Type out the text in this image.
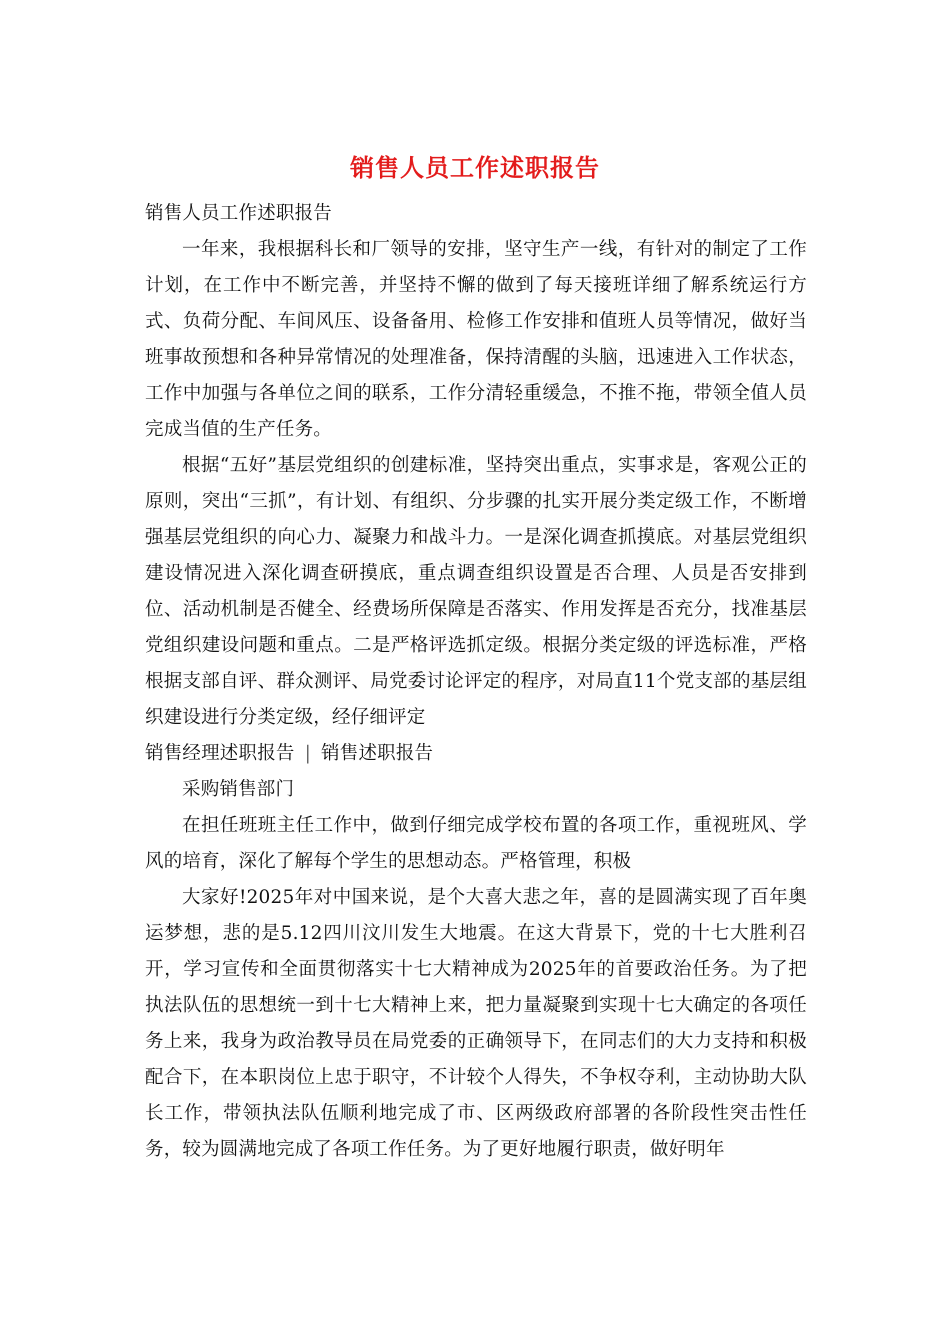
销售人员工作述职报告

销售人员工作述职报告

一年来，我根据科长和厂领导的安排，坚守生产一线，有针对的制定了工作计划，在工作中不断完善，并坚持不懈的做到了每天接班详细了解系统运行方式、负荷分配、车间风压、设备备用、检修工作安排和值班人员等情况，做好当班事故预想和各种异常情况的处理准备，保持清醒的头脑，迅速进入工作状态，工作中加强与各单位之间的联系，工作分清轻重缓急，不推不拖，带领全值人员完成当值的生产任务。

根据“五好”基层党组织的创建标准，坚持突出重点，实事求是，客观公正的原则，突出“三抓”，有计划、有组织、分步骤的扎实开展分类定级工作，不断增强基层党组织的向心力、凝聚力和战斗力。一是深化调查抓摸底。对基层党组织建设情况进入深化调查研摸底，重点调查组织设置是否合理、人员是否安排到位、活动机制是否健全、经费场所保障是否落实、作用发挥是否充分，找准基层党组织建设问题和重点。二是严格评选抓定级。根据分类定级的评选标准，严格根据支部自评、群众测评、局党委讨论评定的程序，对局直11个党支部的基层组织建设进行分类定级，经仔细评定

销售经理述职报告 | 销售述职报告

采购销售部门

在担任班班主任工作中，做到仔细完成学校布置的各项工作，重视班风、学风的培育，深化了解每个学生的思想动态。严格管理，积极

大家好!2025年对中国来说，是个大喜大悲之年，喜的是圆满实现了百年奥运梦想，悲的是5.12四川汶川发生大地震。在这大背景下，党的十七大胜利召开，学习宣传和全面贯彻落实十七大精神成为2025年的首要政治任务。为了把执法队伍的思想统一到十七大精神上来，把力量凝聚到实现十七大确定的各项任务上来，我身为政治教导员在局党委的正确领导下，在同志们的大力支持和积极配合下，在本职岗位上忠于职守，不计较个人得失，不争权夺利，主动协助大队长工作，带领执法队伍顺利地完成了市、区两级政府部署的各阶段性突击性任务，较为圆满地完成了各项工作任务。为了更好地履行职责，做好明年
